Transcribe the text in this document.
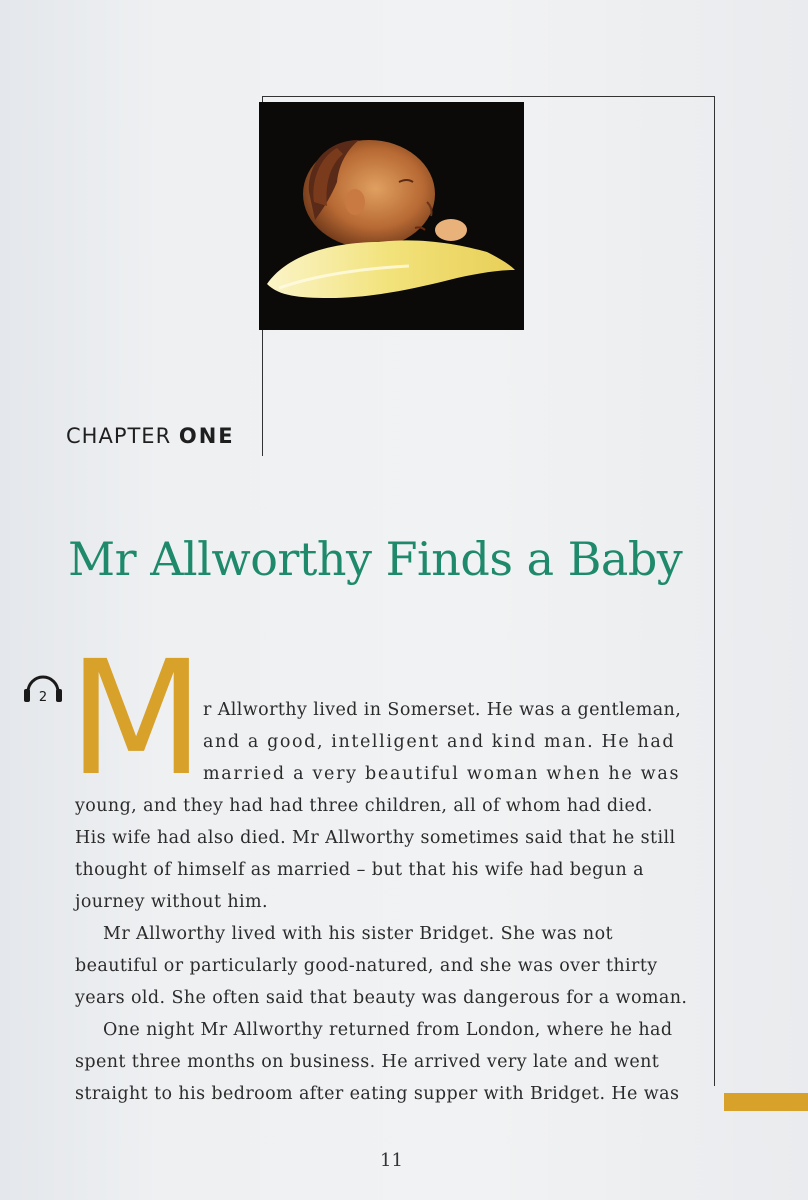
CHAPTER ONE
Mr Allworthy Finds a Baby
2 M
r Allworthy lived in Somerset. He was a gentleman,
and a good, intelligent and kind man. He had
married a very beautiful woman when he was
young, and they had had three children, all of whom had died.
His wife had also died. Mr Allworthy sometimes said that he still
thought of himself as married – but that his wife had begun a
journey without him.
Mr Allworthy lived with his sister Bridget. She was not
beautiful or particularly good-natured, and she was over thirty
years old. She often said that beauty was dangerous for a woman.
One night Mr Allworthy returned from London, where he had
spent three months on business. He arrived very late and went
straight to his bedroom after eating supper with Bridget. He was
11
